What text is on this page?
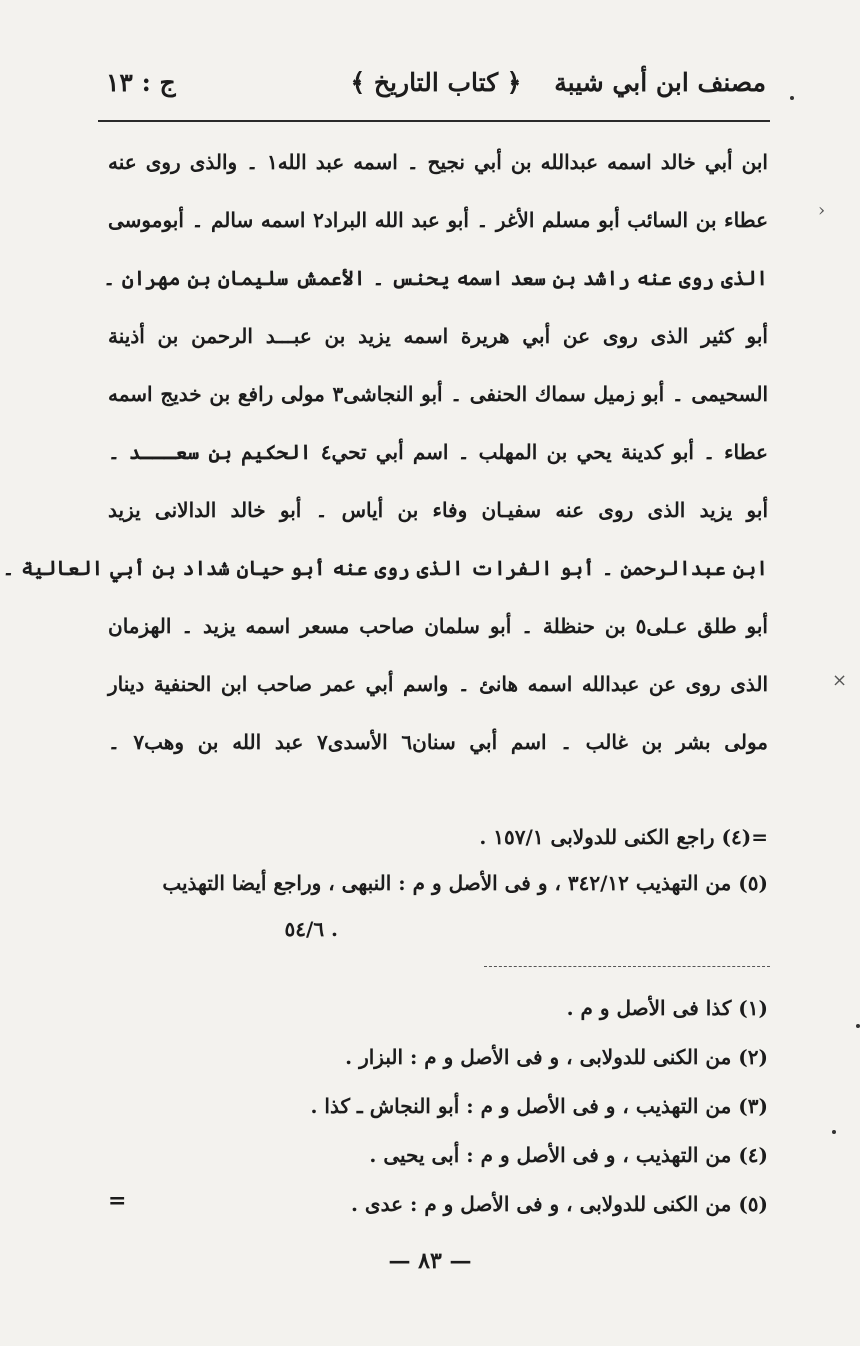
مصنف ابن أبي شيبة
﴿ كتاب التاريخ ﴾
ج : ١٣
ابن أبي خالد اسمه عبدالله بن أبي نجيح ‏۔ اسمه عبد الله‏١ ‏۔ والذى روى عنه
عطاء بن السائب أبو مسلم الأغر ‏۔ أبو عبد الله البراد‏٢ اسمه سالم ‏۔ أبوموسى
الذى روى عنه راشد بن سعد اسمه يحنس ‏۔ الأعمش سليمان بن مهران ‏۔
أبو كثير الذى روى عن أبي هريرة اسمه يزيد بن عبـــد الرحمن بن أذينة
السحيمى ‏۔ أبو زميل سماك الحنفى ‏۔ أبو النجاشى‏٣ مولى رافع بن خديج اسمه
عطاء ‏۔ أبو كدينة يحي بن المهلب ‏۔ اسم أبي تحي‏٤ الحكيم بن سعـــد ‏۔
أبو يزيد الذى روى عنه سفيـان وفاء بن أياس ‏۔ أبو خالد الدالانى يزيد
ابن عبدالرحمن ‏۔ أبو الفرات الذى روى عنه أبو حيان شداد بن أبي العالية ‏۔
أبو طلق عـلى‏٥ بن حنظلة ‏۔ أبو سلمان صاحب مسعر اسمه يزيد ‏۔ الهزمان
الذى روى عن عبدالله اسمه هانئ ‏۔ واسم أبي عمر صاحب ابن الحنفية دينار
مولى بشر بن غالب ‏۔ اسم أبي سنان‏٦ الأسدى‏٧ عبد الله بن وهب‏٧ ‏۔
=(٤) راجع الكنى للدولابى ١٥٧/١ .
(٥) من التهذيب ٣٤٢/١٢ ، و فى الأصل و م : النبهى ، وراجع أيضا التهذيب
. ٥٤/٦
(١) كذا فى الأصل و م .
(٢) من الكنى للدولابى ، و فى الأصل و م : البزار .
(٣) من التهذيب ، و فى الأصل و م : أبو النجاش ـ كذا .
(٤) من التهذيب ، و فى الأصل و م : أبى يحيى .
(٥) من الكنى للدولابى ، و فى الأصل و م : عدى .
=
— ٨٣ —
›
×
